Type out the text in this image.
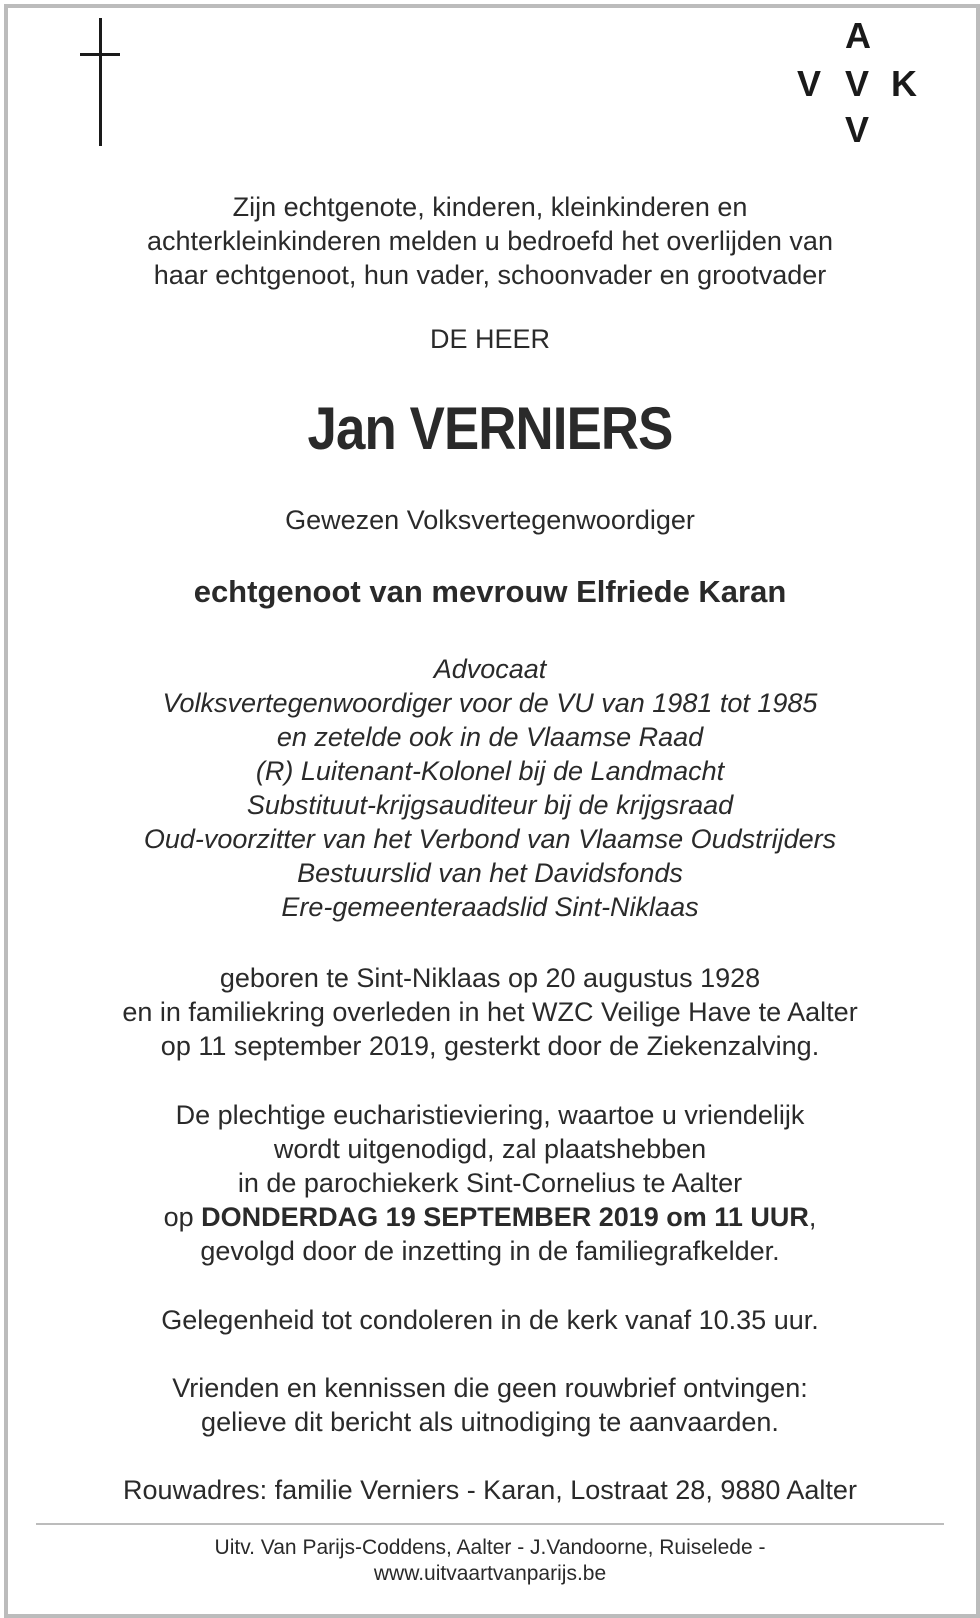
A
V V K
V
Zijn echtgenote, kinderen, kleinkinderen en
achterkleinkinderen melden u bedroefd het overlijden van
haar echtgenoot, hun vader, schoonvader en grootvader
DE HEER
Jan VERNIERS
Gewezen Volksvertegenwoordiger
echtgenoot van mevrouw Elfriede Karan
Advocaat
Volksvertegenwoordiger voor de VU van 1981 tot 1985
en zetelde ook in de Vlaamse Raad
(R) Luitenant-Kolonel bij de Landmacht
Substituut-krijgsauditeur bij de krijgsraad
Oud-voorzitter van het Verbond van Vlaamse Oudstrijders
Bestuurslid van het Davidsfonds
Ere-gemeenteraadslid Sint-Niklaas
geboren te Sint-Niklaas op 20 augustus 1928
en in familiekring overleden in het WZC Veilige Have te Aalter
op 11 september 2019, gesterkt door de Ziekenzalving.
De plechtige eucharistieviering, waartoe u vriendelijk
wordt uitgenodigd, zal plaatshebben
in de parochiekerk Sint-Cornelius te Aalter
op DONDERDAG 19 SEPTEMBER 2019 om 11 UUR,
gevolgd door de inzetting in de familiegrafkelder.
Gelegenheid tot condoleren in de kerk vanaf 10.35 uur.
Vrienden en kennissen die geen rouwbrief ontvingen:
gelieve dit bericht als uitnodiging te aanvaarden.
Rouwadres: familie Verniers - Karan, Lostraat 28, 9880 Aalter
Uitv. Van Parijs-Coddens, Aalter - J.Vandoorne, Ruiselede -
www.uitvaartvanparijs.be
